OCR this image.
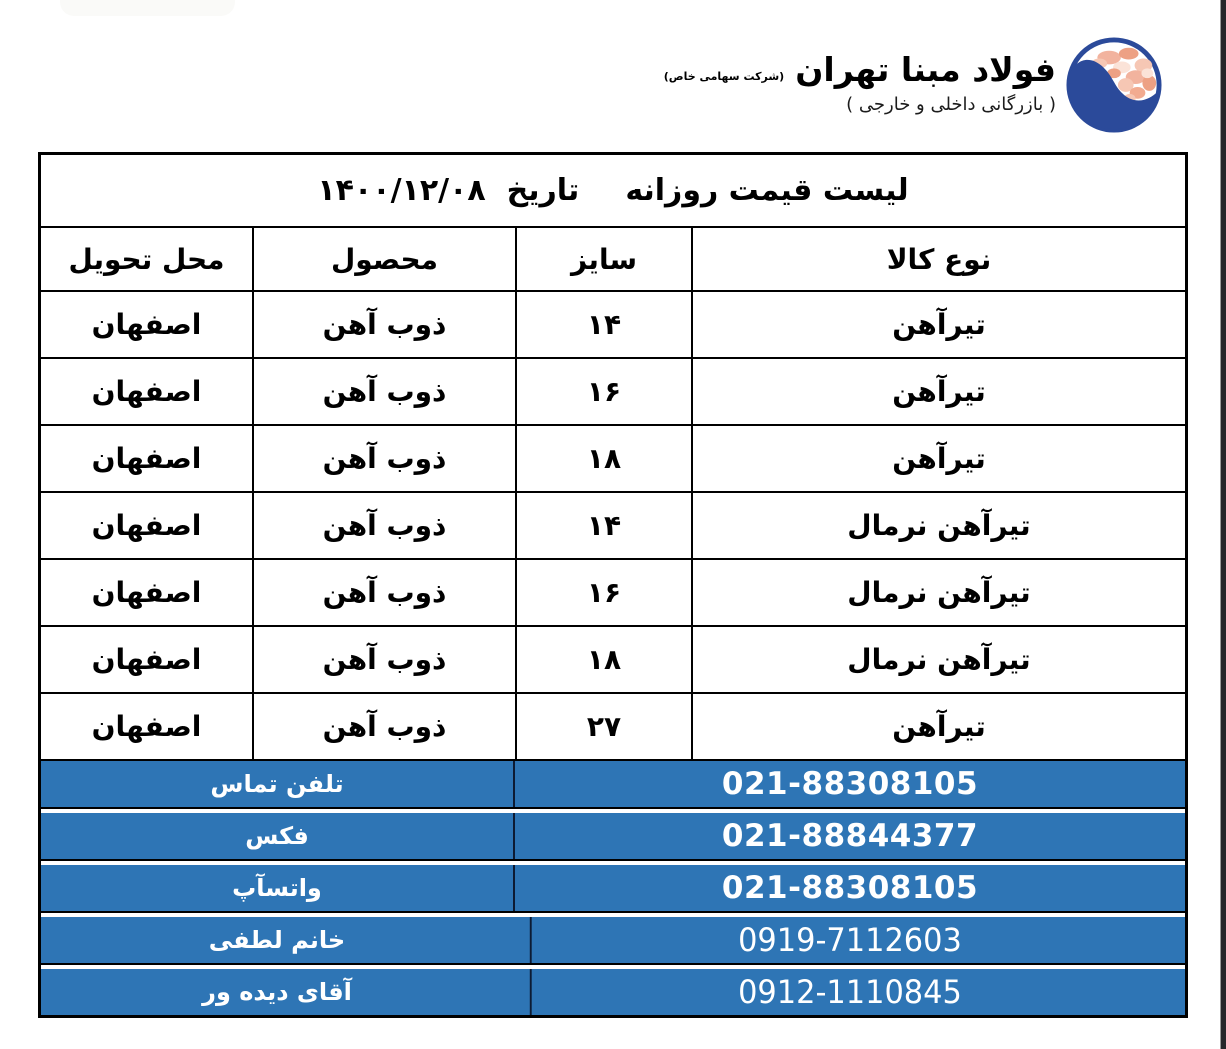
فولاد مبنا تهران (شرکت سهامی خاص)
( بازرگانی داخلی و خارجی )
لیست قیمت روزانه
تاریخ  ۱۴۰۰/۱۲/۰۸
نوع کالا
سایز
محصول
محل تحویل
تیرآهن
۱۴
ذوب آهن
اصفهان
تیرآهن
۱۶
ذوب آهن
اصفهان
تیرآهن
۱۸
ذوب آهن
اصفهان
تیرآهن نرمال
۱۴
ذوب آهن
اصفهان
تیرآهن نرمال
۱۶
ذوب آهن
اصفهان
تیرآهن نرمال
۱۸
ذوب آهن
اصفهان
تیرآهن
۲۷
ذوب آهن
اصفهان
021-88308105
تلفن تماس
021-88844377
فکس
021-88308105
واتسآپ
0919-7112603
خانم لطفی
0912-1110845
آقای دیده ور
